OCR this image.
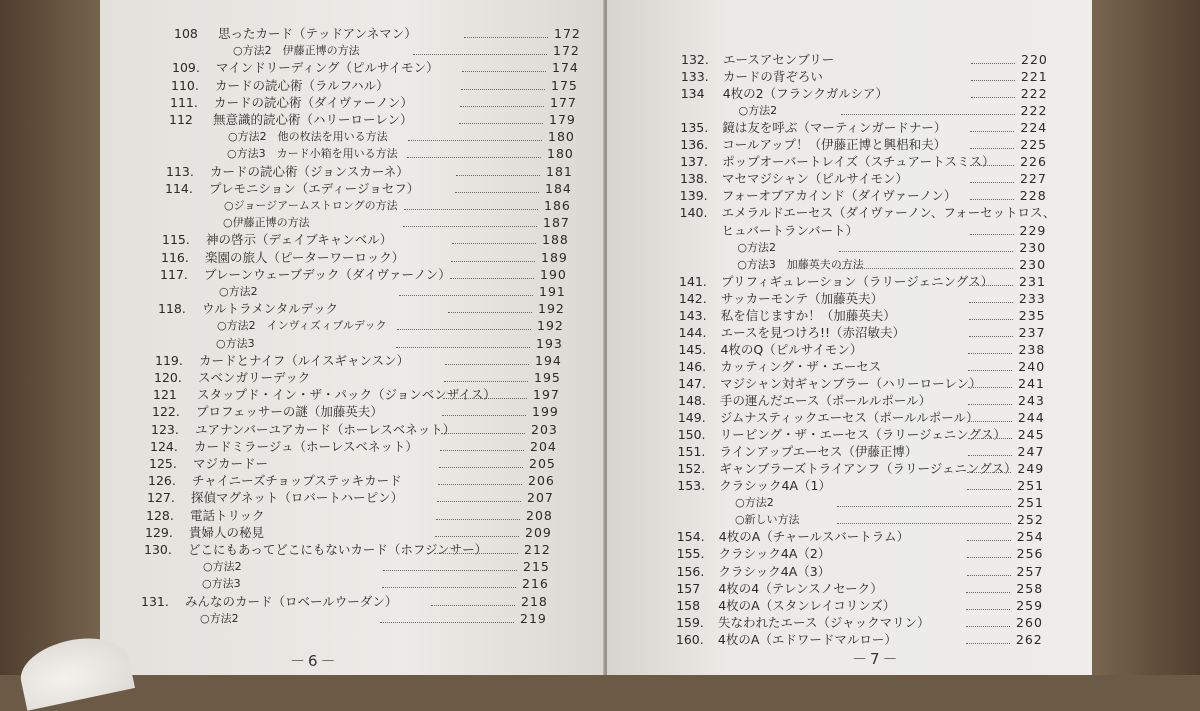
－6－
108 思ったカード（テッドアンネマン）	172
○方法2　伊藤正博の方法	172
109. マインドリーディング（ピルサイモン）	174
110. カードの読心術（ラルフハル）	175
111. カードの読心術（ダイヴァーノン）	177
112 無意識的読心術（ハリーローレン）	179
○方法2　他の枚法を用いる方法	180
○方法3　カード小箱を用いる方法	180
113. カードの読心術（ジョンスカーネ）	181
114. プレモニション（エディージョセフ）	184
○ジョージアームストロングの方法	186
○伊藤正博の方法	187
115. 神の啓示（デェイブキャンベル）	188
116. 楽園の旅人（ピーターワーロック）	189
117. ブレーンウェーブデック（ダイヴァーノン）	190
○方法2	191
118. ウルトラメンタルデック	192
○方法2　インヴィズィブルデック	192
○方法3	193
119. カードとナイフ（ルイスギャンスン）	194
120. スベンガリーデック	195
121 スタップド・イン・ザ・パック（ジョンベンザイス）	197
122. プロフェッサーの謎（加藤英夫）	199
123. ユアナンバーユアカード（ホーレスベネット）	203
124. カードミラージュ（ホーレスベネット）	204
125. マジカードー	205
126. チャイニーズチョップステッキカード	206
127. 探偵マグネット（ロバートハーピン）	207
128. 電話トリック	208
129. 貴婦人の秘見	209
130. どこにもあってどこにもないカード（ホフジンサー）	212
○方法2	215
○方法3	216
131. みんなのカード（ロベールウーダン）	218
○方法2	219
－7－
132. エースアセンブリー	220
133. カードの背ぞろい	221
134 4枚の2（フランクガルシア）	222
○方法2	222
135. 鏡は友を呼ぶ（マーティンガードナー）	224
136. コールアップ！（伊藤正博と興梠和夫）	225
137. ポップオーバートレイズ（スチュアートスミス） 226
138. マセマジシャン（ピルサイモン）	227
139. フォーオブアカインド（ダイヴァーノン）	228
140. エメラルドエーセス（ダイヴァーノン、フォーセットロス、
ヒュバートランバート）	229
○方法2	230
○方法3　加藤英夫の方法	230
141. プリフィギュレーション（ラリージェニングス） 231
142. サッカーモンテ（加藤英夫）	233
143. 私を信じますか！（加藤英夫）	235
144. エースを見つけろ!!（赤沼敏夫）	237
145. 4枚のQ（ピルサイモン）	238
146. カッティング・ザ・エーセス	240
147. マジシャン対ギャンブラー（ハリーローレン）	241
148. 手の運んだエース（ポールルポール）	243
149. ジムナスティックエーセス（ポールルポール）	244
150. リーピング・ザ・エーセス（ラリージェニングス） 245
151. ラインアップエーセス（伊藤正博）	247
152. ギャンブラーズトライアンフ（ラリージェニングス） 249
153. クラシック4A（1）	251
○方法2	251
○新しい方法	252
154. 4枚のA（チャールスバートラム）	254
155. クラシック4A（2）	256
156. クラシック4A（3）	257
157 4枚の4（テレンスノセーク）	258
158 4枚のA（スタンレイコリンズ）	259
159. 失なわれたエース（ジャックマリン）	260
160. 4枚のA（エドワードマルロー）	262
